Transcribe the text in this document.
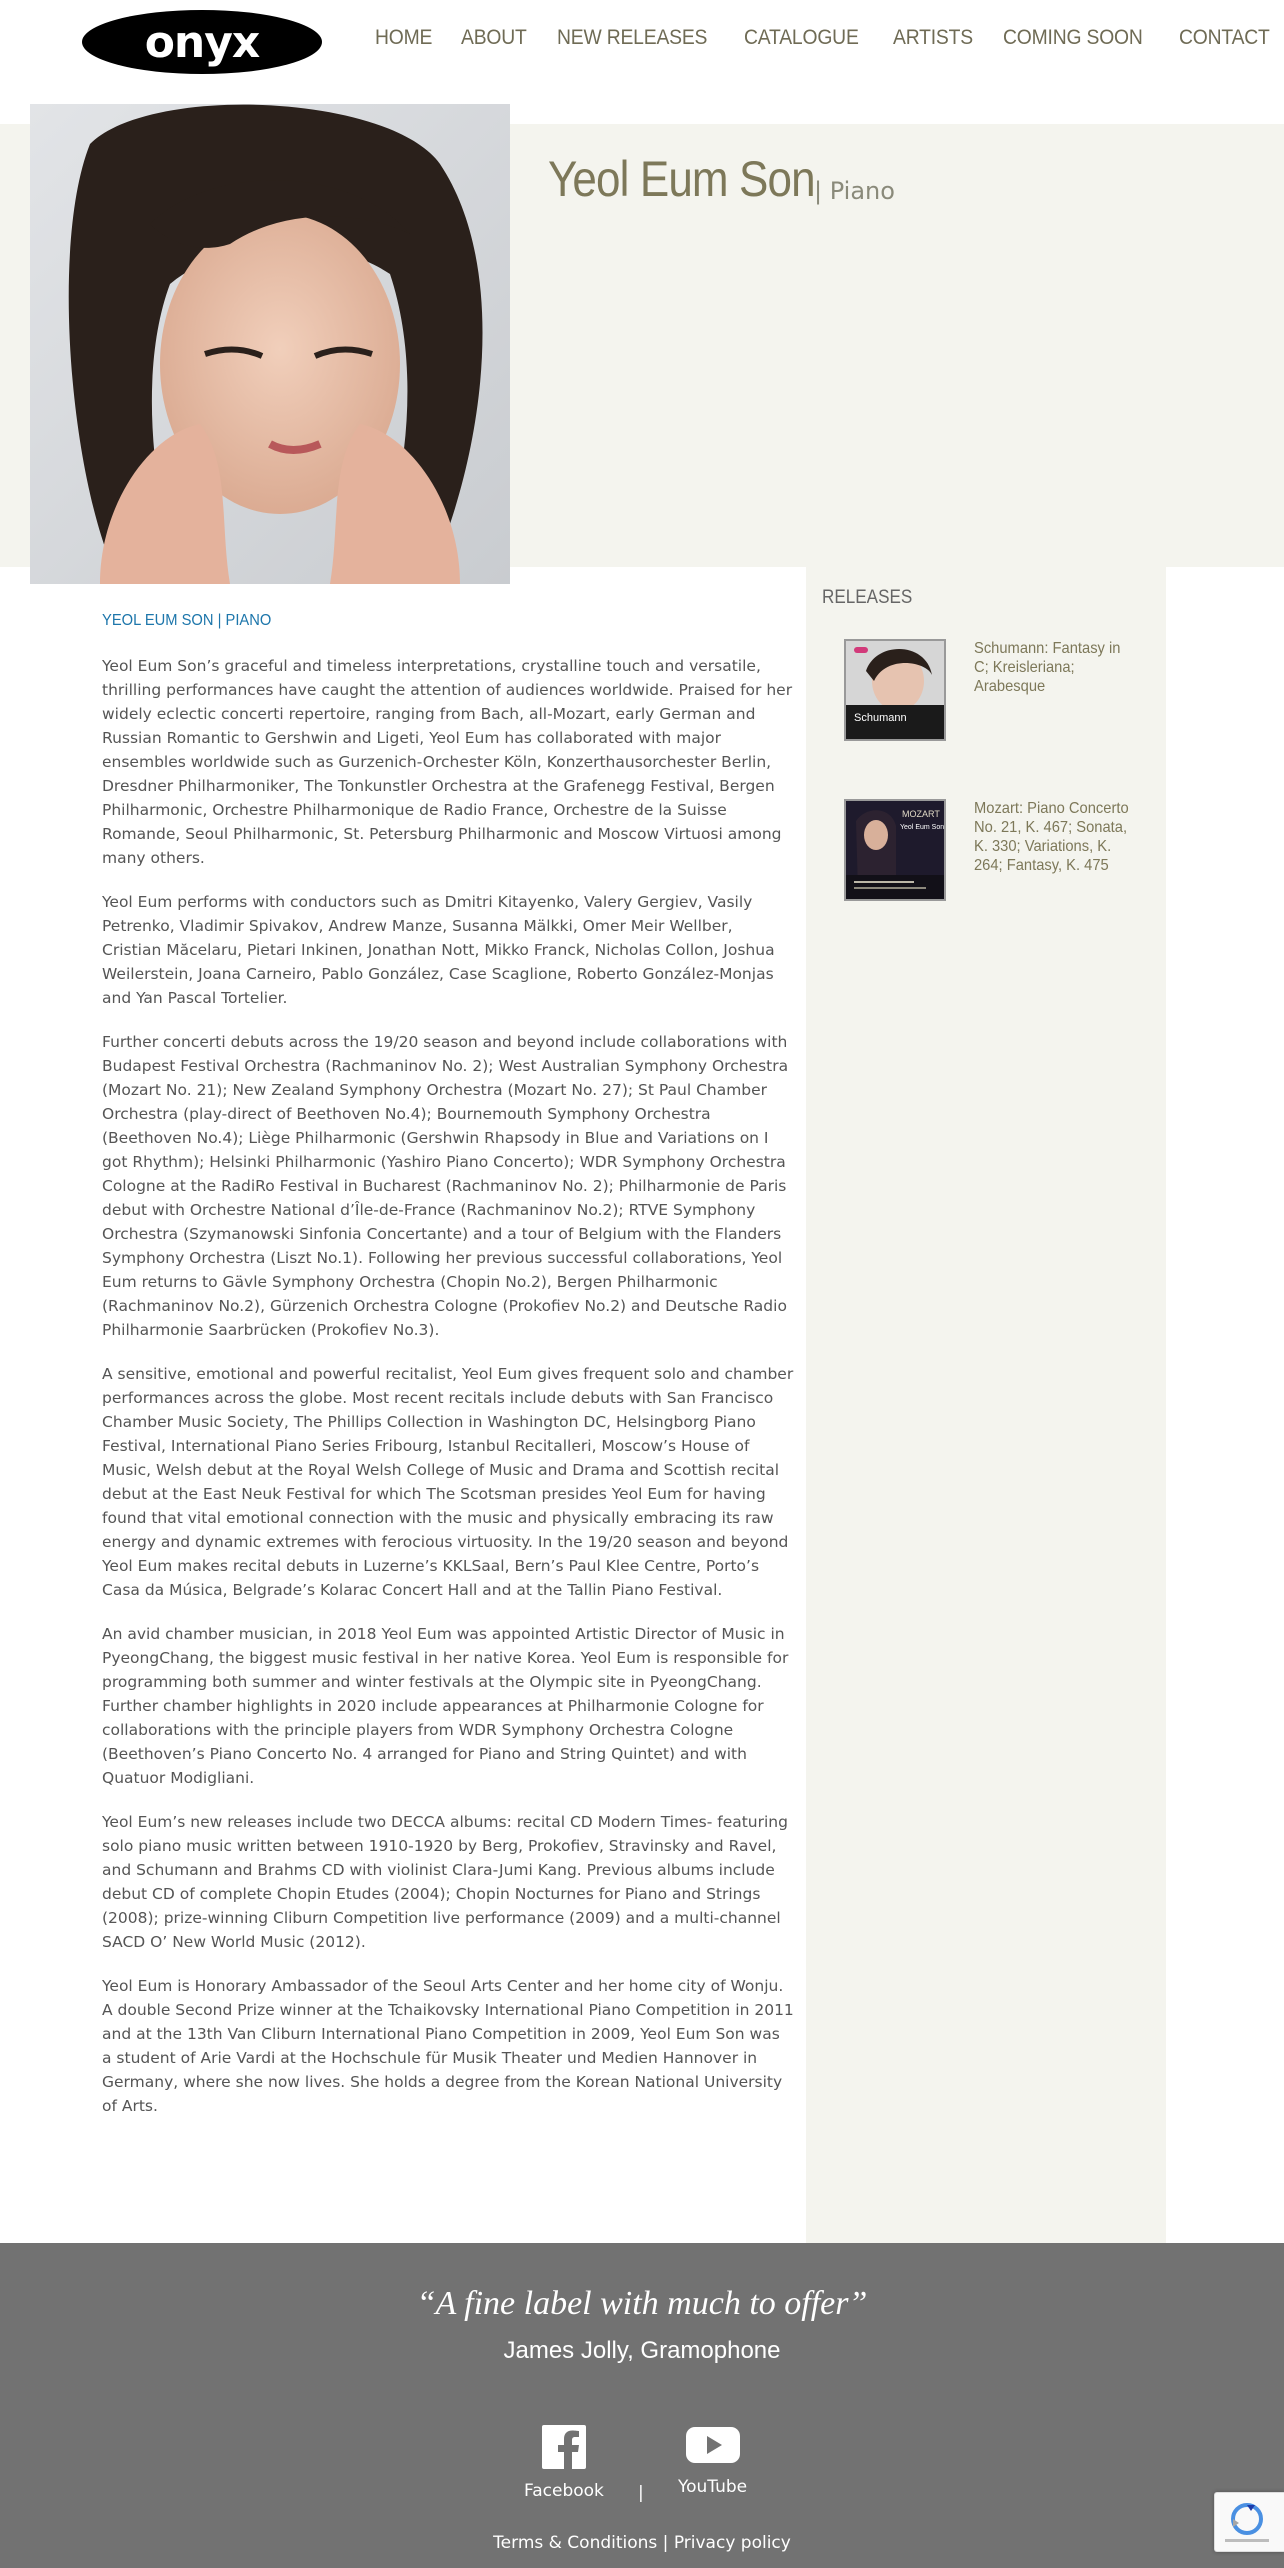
onyx	HOME ABOUT NEW RELEASES CATALOGUE ARTISTS COMING SOON CONTACT
Yeol Eum Son | Piano
YEOL EUM SON | PIANO

Yeol Eum Son’s graceful and timeless interpretations, crystalline touch and versatile, thrilling performances have caught the attention of audiences worldwide. Praised for her widely eclectic concerti repertoire, ranging from Bach, all-Mozart, early German and Russian Romantic to Gershwin and Ligeti, Yeol Eum has collaborated with major ensembles worldwide such as Gurzenich-Orchester Köln, Konzerthausorchester Berlin, Dresdner Philharmoniker, The Tonkunstler Orchestra at the Grafenegg Festival, Bergen Philharmonic, Orchestre Philharmonique de Radio France, Orchestre de la Suisse Romande, Seoul Philharmonic, St. Petersburg Philharmonic and Moscow Virtuosi among many others.

Yeol Eum performs with conductors such as Dmitri Kitayenko, Valery Gergiev, Vasily Petrenko, Vladimir Spivakov, Andrew Manze, Susanna Mälkki, Omer Meir Wellber, Cristian Măcelaru, Pietari Inkinen, Jonathan Nott, Mikko Franck, Nicholas Collon, Joshua Weilerstein, Joana Carneiro, Pablo González, Case Scaglione, Roberto González-Monjas and Yan Pascal Tortelier.

Further concerti debuts across the 19/20 season and beyond include collaborations with Budapest Festival Orchestra (Rachmaninov No. 2); West Australian Symphony Orchestra (Mozart No. 21); New Zealand Symphony Orchestra (Mozart No. 27); St Paul Chamber Orchestra (play-direct of Beethoven No.4); Bournemouth Symphony Orchestra (Beethoven No.4); Liège Philharmonic (Gershwin Rhapsody in Blue and Variations on I got Rhythm); Helsinki Philharmonic (Yashiro Piano Concerto); WDR Symphony Orchestra Cologne at the RadiRo Festival in Bucharest (Rachmaninov No. 2); Philharmonie de Paris debut with Orchestre National d’Île-de-France (Rachmaninov No.2); RTVE Symphony Orchestra (Szymanowski Sinfonia Concertante) and a tour of Belgium with the Flanders Symphony Orchestra (Liszt No.1). Following her previous successful collaborations, Yeol Eum returns to Gävle Symphony Orchestra (Chopin No.2), Bergen Philharmonic (Rachmaninov No.2), Gürzenich Orchestra Cologne (Prokofiev No.2) and Deutsche Radio Philharmonie Saarbrücken (Prokofiev No.3).

A sensitive, emotional and powerful recitalist, Yeol Eum gives frequent solo and chamber performances across the globe. Most recent recitals include debuts with San Francisco Chamber Music Society, The Phillips Collection in Washington DC, Helsingborg Piano Festival, International Piano Series Fribourg, Istanbul Recitalleri, Moscow’s House of Music, Welsh debut at the Royal Welsh College of Music and Drama and Scottish recital debut at the East Neuk Festival for which The Scotsman presides Yeol Eum for having found that vital emotional connection with the music and physically embracing its raw energy and dynamic extremes with ferocious virtuosity. In the 19/20 season and beyond Yeol Eum makes recital debuts in Luzerne’s KKLSaal, Bern’s Paul Klee Centre, Porto’s Casa da Música, Belgrade’s Kolarac Concert Hall and at the Tallin Piano Festival.

An avid chamber musician, in 2018 Yeol Eum was appointed Artistic Director of Music in PyeongChang, the biggest music festival in her native Korea. Yeol Eum is responsible for programming both summer and winter festivals at the Olympic site in PyeongChang. Further chamber highlights in 2020 include appearances at Philharmonie Cologne for collaborations with the principle players from WDR Symphony Orchestra Cologne (Beethoven’s Piano Concerto No. 4 arranged for Piano and String Quintet) and with Quatuor Modigliani.

Yeol Eum’s new releases include two DECCA albums: recital CD Modern Times- featuring solo piano music written between 1910-1920 by Berg, Prokofiev, Stravinsky and Ravel, and Schumann and Brahms CD with violinist Clara-Jumi Kang. Previous albums include debut CD of complete Chopin Etudes (2004); Chopin Nocturnes for Piano and Strings (2008); prize-winning Cliburn Competition live performance (2009) and a multi-channel SACD O’ New World Music (2012).

Yeol Eum is Honorary Ambassador of the Seoul Arts Center and her home city of Wonju. A double Second Prize winner at the Tchaikovsky International Piano Competition in 2011 and at the 13th Van Cliburn International Piano Competition in 2009, Yeol Eum Son was a student of Arie Vardi at the Hochschule für Musik Theater und Medien Hannover in Germany, where she now lives. She holds a degree from the Korean National University of Arts.

RELEASES
Schumann
Schumann: Fantasy in C; Kreisleriana; Arabesque
MOZART
Yeol Eum Son
Mozart: Piano Concerto No. 21, K. 467; Sonata, K. 330; Variations, K. 264; Fantasy, K. 475
“A fine label with much to offer”
James Jolly, Gramophone
Facebook | YouTube
Terms & Conditions | Privacy policy
